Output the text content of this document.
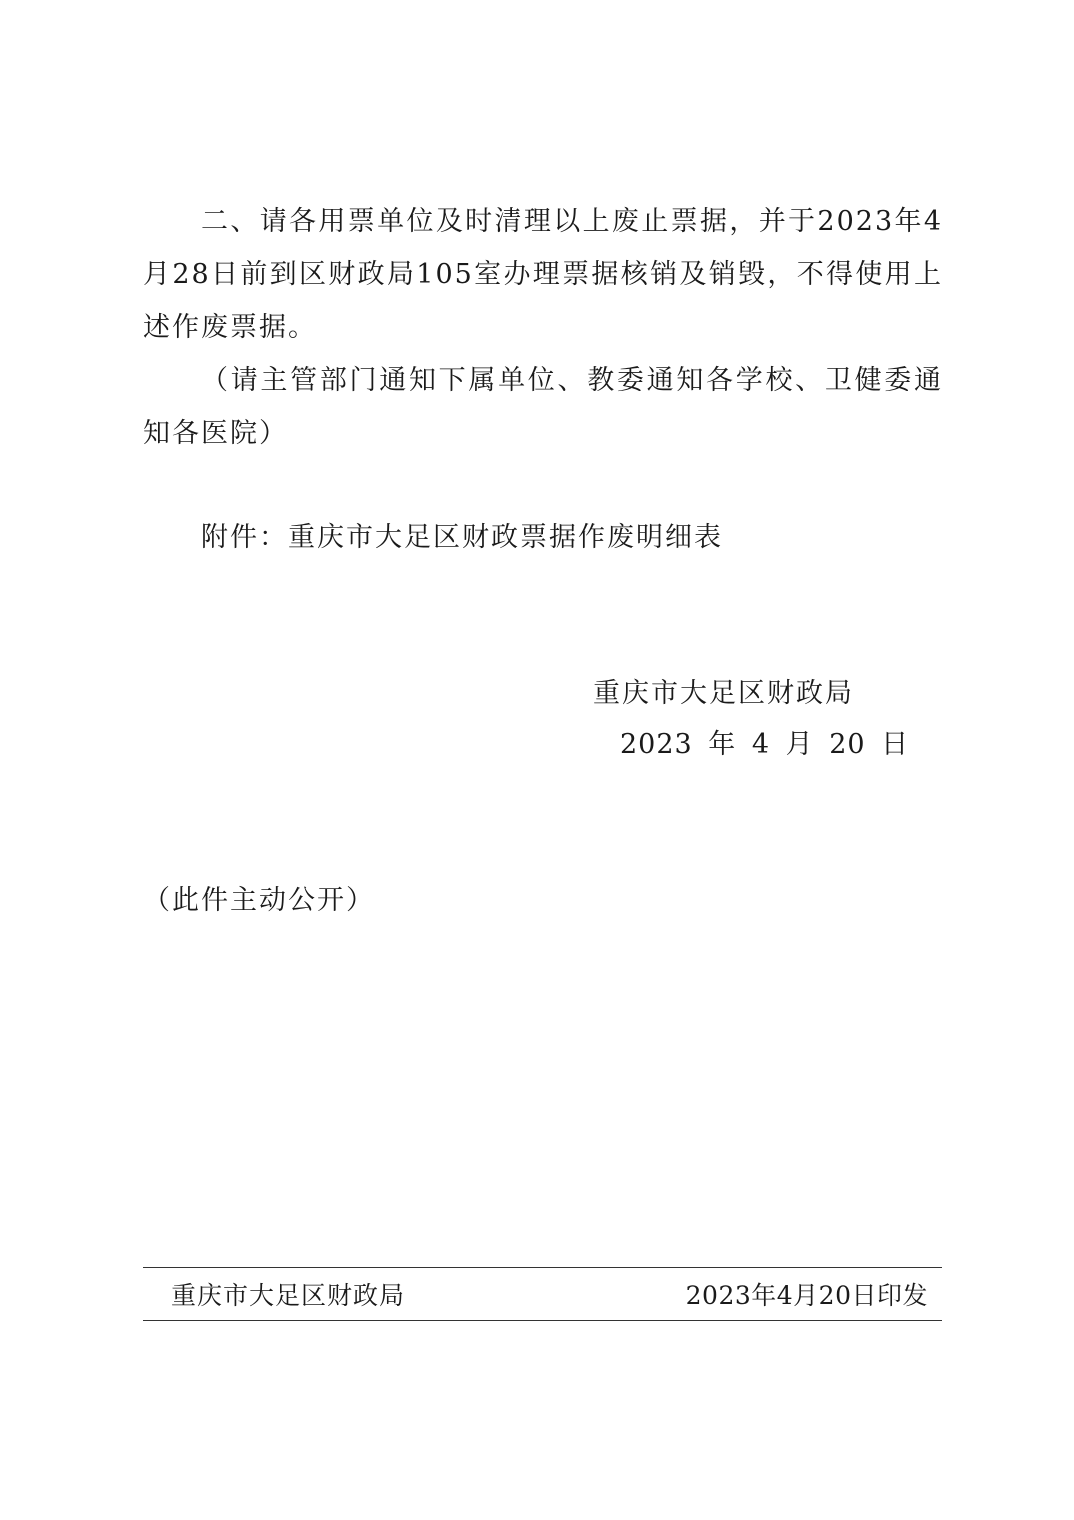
二、请各用票单位及时清理以上废止票据，并于2023年4月28日前到区财政局105室办理票据核销及销毁，不得使用上述作废票据。

（请主管部门通知下属单位、教委通知各学校、卫健委通知各医院）

附件：重庆市大足区财政票据作废明细表

重庆市大足区财政局
2023 年 4 月 20 日
（此件主动公开）
重庆市大足区财政局	2023年4月20日印发
